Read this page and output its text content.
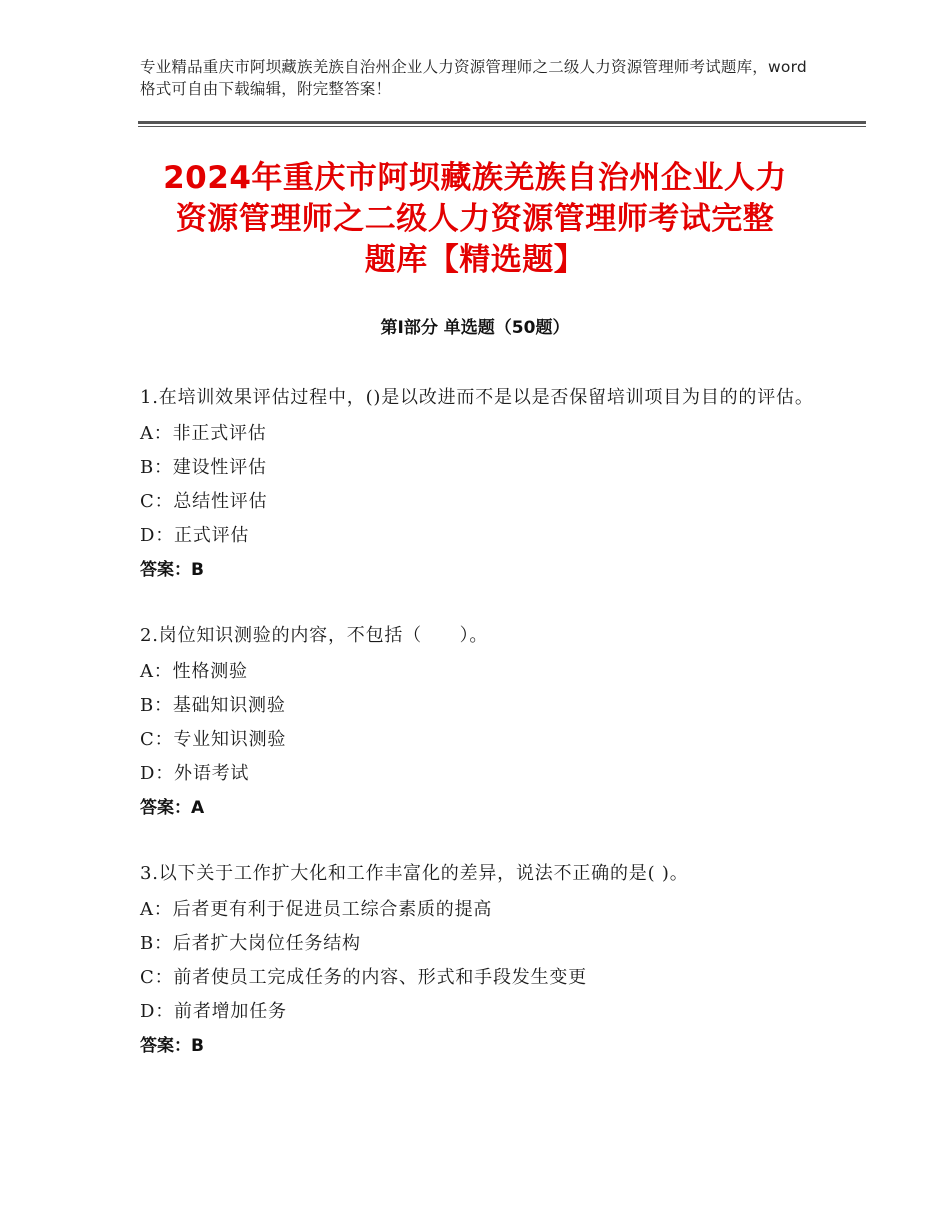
专业精品重庆市阿坝藏族羌族自治州企业人力资源管理师之二级人力资源管理师考试题库，word格式可自由下载编辑，附完整答案！
2024年重庆市阿坝藏族羌族自治州企业人力
资源管理师之二级人力资源管理师考试完整
题库【精选题】
第Ⅰ部分 单选题（50题）
1.在培训效果评估过程中，()是以改进而不是以是否保留培训项目为目的的评估。
A：非正式评估
B：建设性评估
C：总结性评估
D：正式评估
答案：B
2.岗位知识测验的内容，不包括（　　）。
A：性格测验
B：基础知识测验
C：专业知识测验
D：外语考试
答案：A
3.以下关于工作扩大化和工作丰富化的差异，说法不正确的是( )。
A：后者更有利于促进员工综合素质的提高
B：后者扩大岗位任务结构
C：前者使员工完成任务的内容、形式和手段发生变更
D：前者增加任务
答案：B
